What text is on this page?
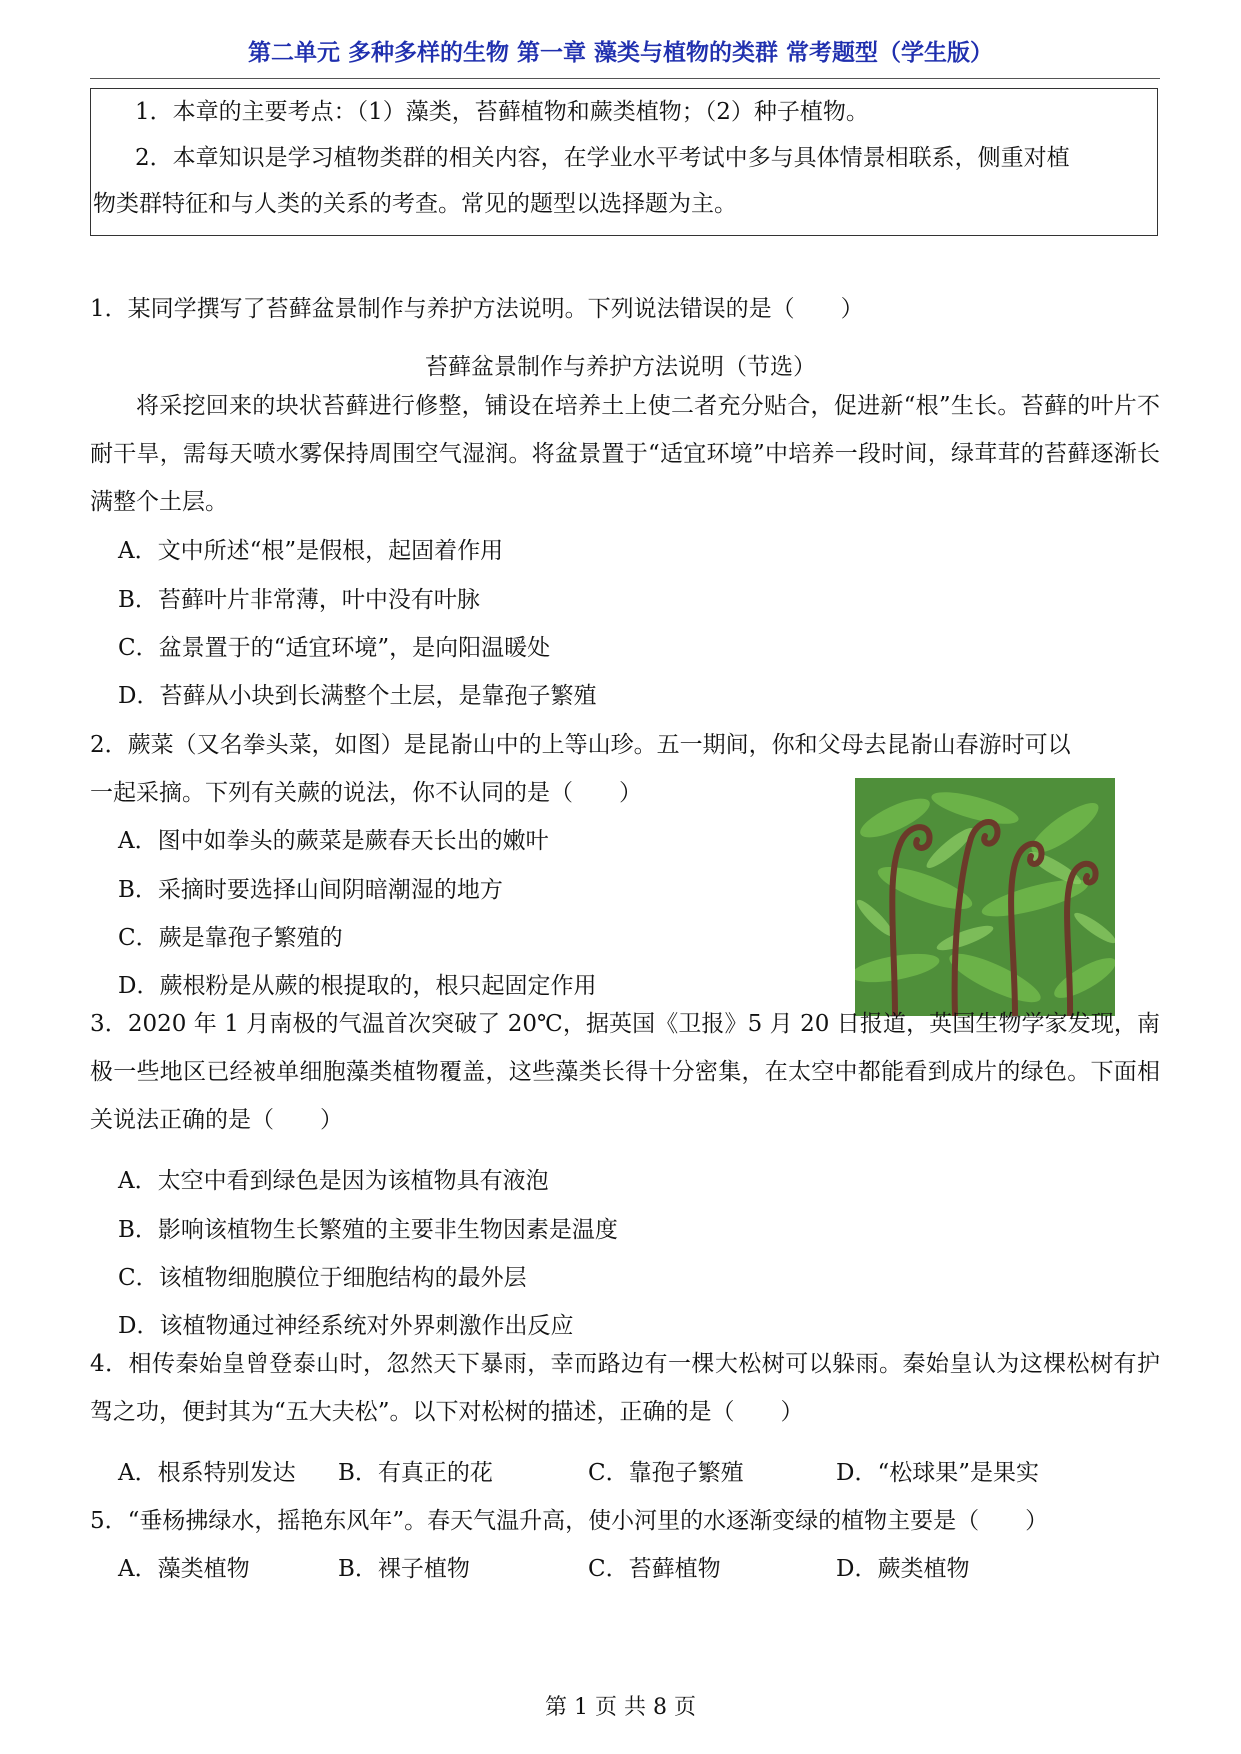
第二单元 多种多样的生物 第一章 藻类与植物的类群 常考题型（学生版）
1．本章的主要考点：（1）藻类，苔藓植物和蕨类植物；（2）种子植物。
2．本章知识是学习植物类群的相关内容，在学业水平考试中多与具体情景相联系，侧重对植
物类群特征和与人类的关系的考查。常见的题型以选择题为主。
1．某同学撰写了苔藓盆景制作与养护方法说明。下列说法错误的是（　　）
苔藓盆景制作与养护方法说明（节选）
将采挖回来的块状苔藓进行修整，铺设在培养土上使二者充分贴合，促进新“根”生长。苔藓的叶片不耐干旱，需每天喷水雾保持周围空气湿润。将盆景置于“适宜环境”中培养一段时间，绿茸茸的苔藓逐渐长满整个土层。
A．文中所述“根”是假根，起固着作用
B．苔藓叶片非常薄，叶中没有叶脉
C．盆景置于的“适宜环境”，是向阳温暖处
D．苔藓从小块到长满整个土层，是靠孢子繁殖
2．蕨菜（又名拳头菜，如图）是昆嵛山中的上等山珍。五一期间，你和父母去昆嵛山春游时可以
一起采摘。下列有关蕨的说法，你不认同的是（　　）
A．图中如拳头的蕨菜是蕨春天长出的嫩叶
B．采摘时要选择山间阴暗潮湿的地方
C．蕨是靠孢子繁殖的
D．蕨根粉是从蕨的根提取的，根只起固定作用
3．2020 年 1 月南极的气温首次突破了 20℃，据英国《卫报》5 月 20 日报道，英国生物学家发现，南极一些地区已经被单细胞藻类植物覆盖，这些藻类长得十分密集，在太空中都能看到成片的绿色。下面相关说法正确的是（　　）
A．太空中看到绿色是因为该植物具有液泡
B．影响该植物生长繁殖的主要非生物因素是温度
C．该植物细胞膜位于细胞结构的最外层
D．该植物通过神经系统对外界刺激作出反应
4．相传秦始皇曾登泰山时，忽然天下暴雨，幸而路边有一棵大松树可以躲雨。秦始皇认为这棵松树有护驾之功，便封其为“五大夫松”。以下对松树的描述，正确的是（　　）
A．根系特别发达 B．有真正的花	C．靠孢子繁殖	D．“松球果”是果实
5．“垂杨拂绿水，摇艳东风年”。春天气温升高，使小河里的水逐渐变绿的植物主要是（　　）
A．藻类植物	B．裸子植物	C．苔藓植物	D．蕨类植物
第 1 页 共 8 页
